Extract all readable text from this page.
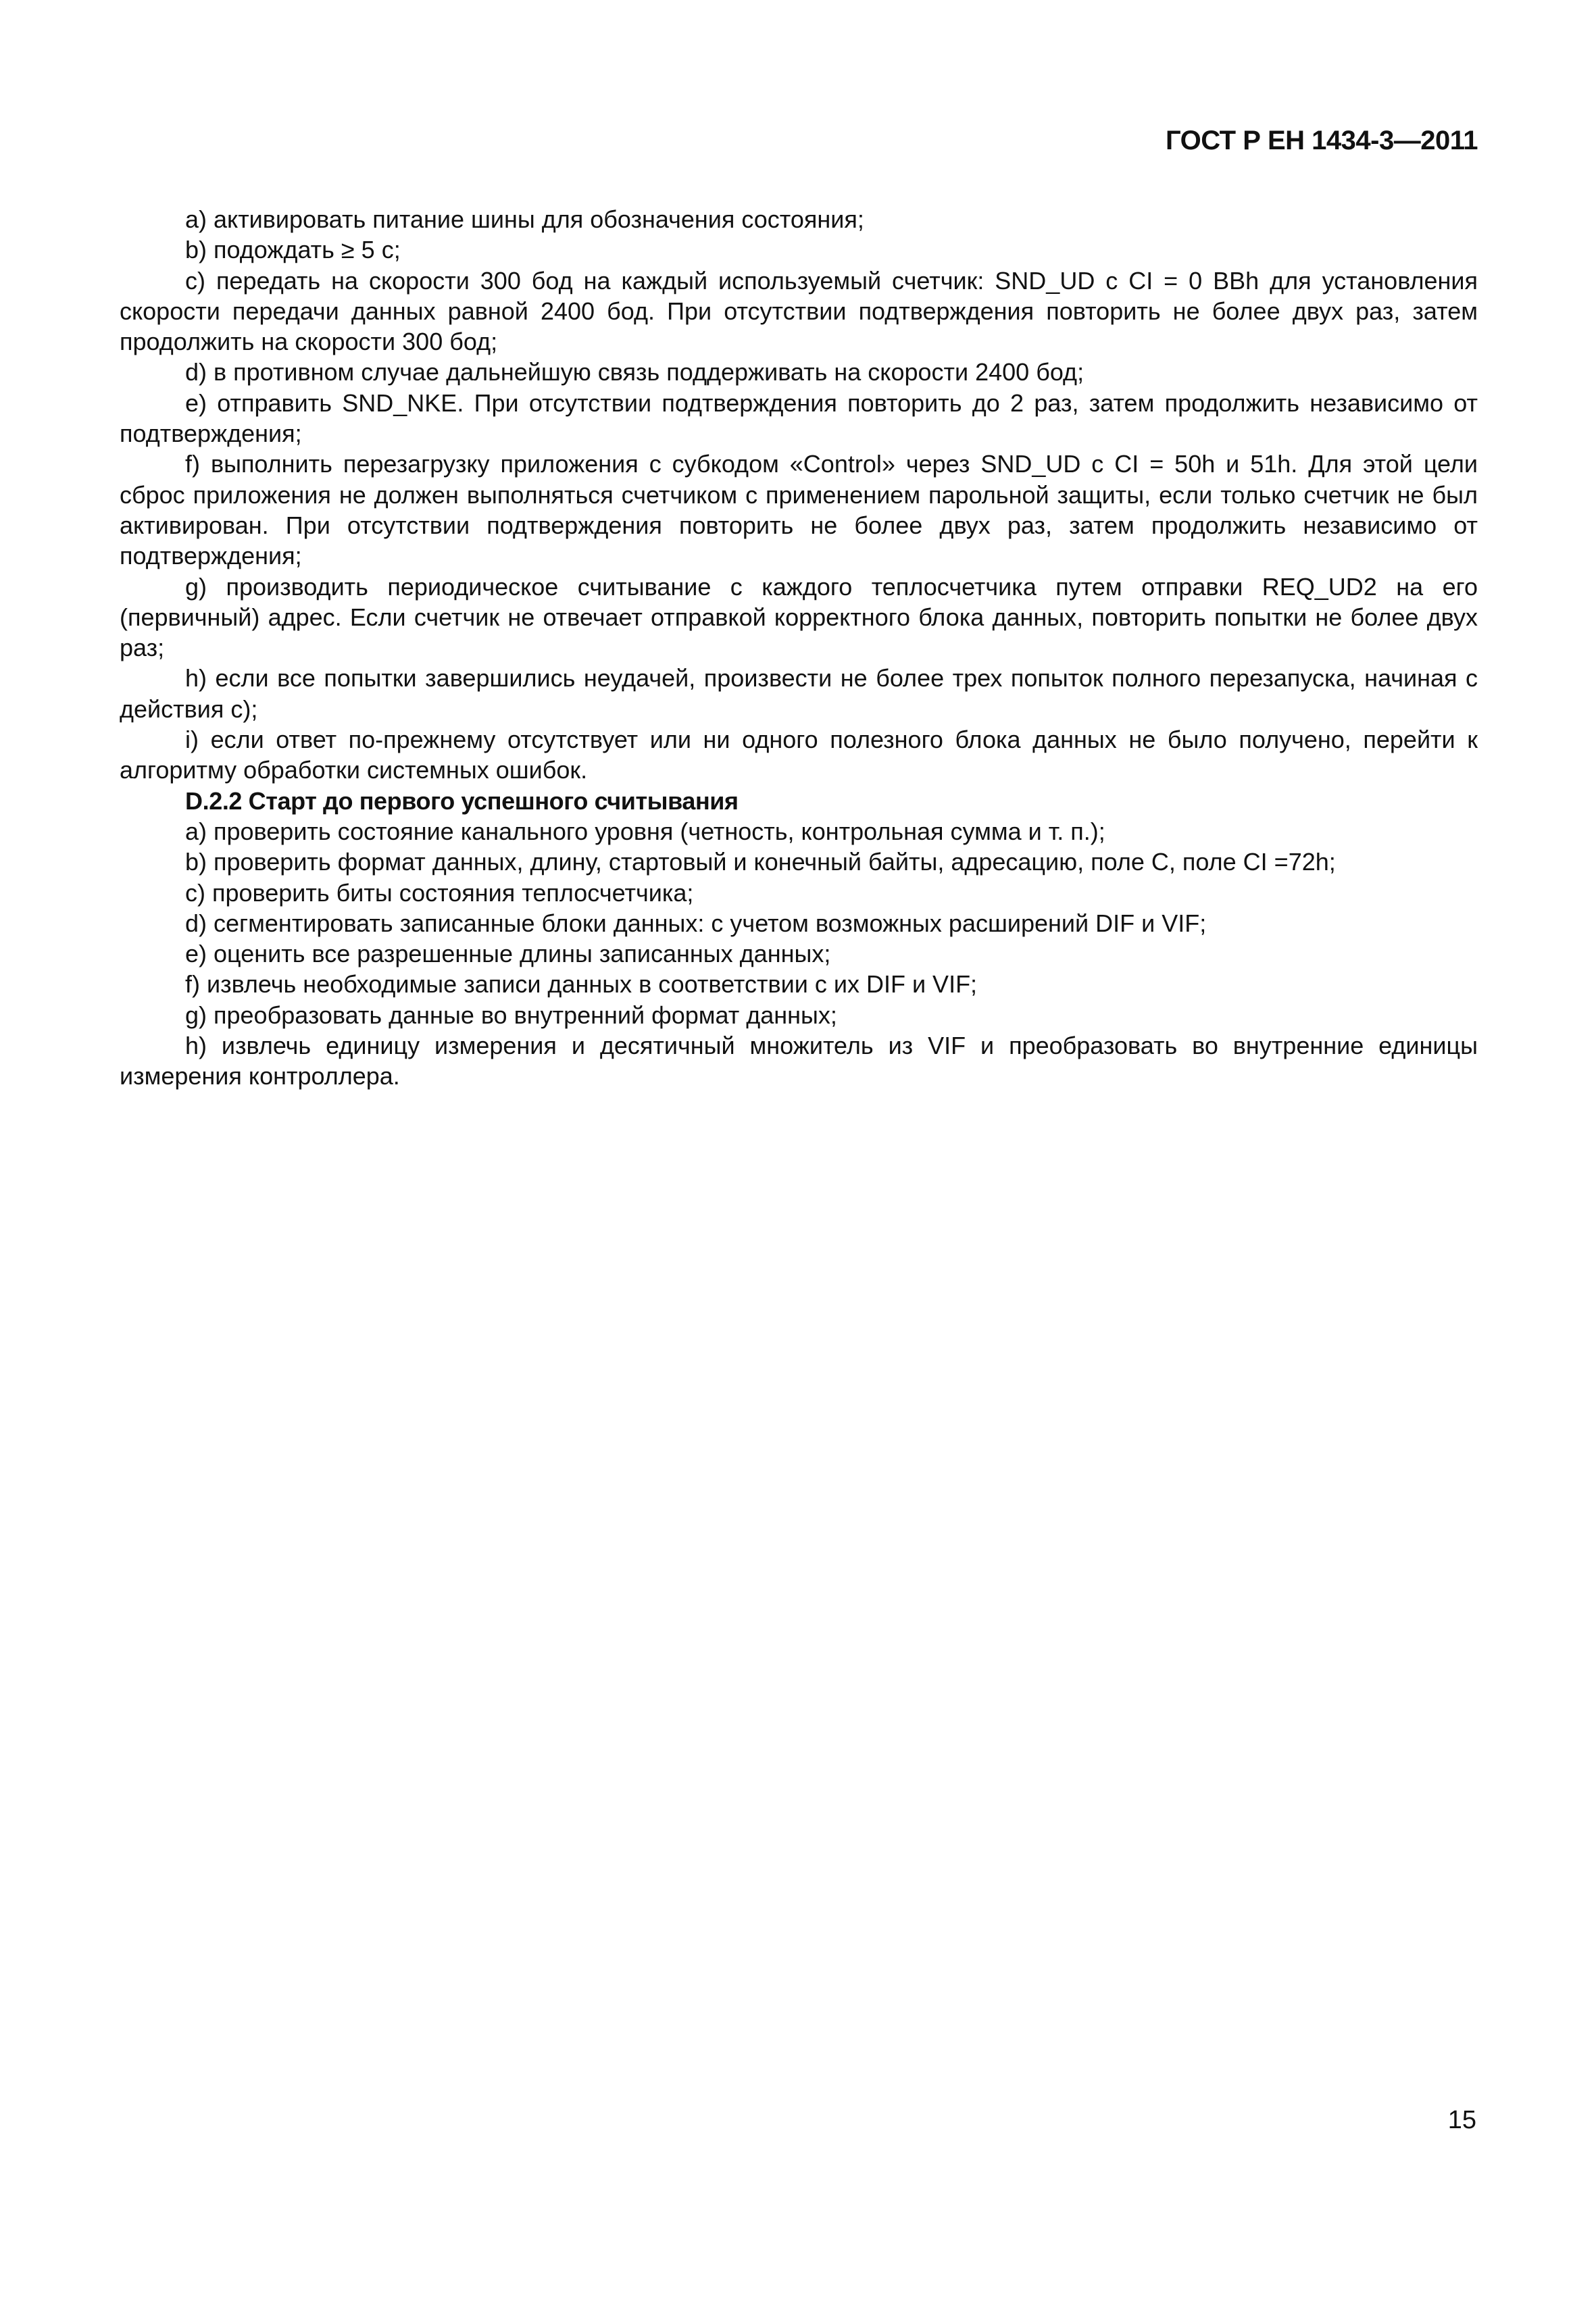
ГОСТ Р ЕН 1434-3—2011

a) активировать питание шины для обозначения состояния;

b) подождать ≥ 5 с;

c) передать на скорости 300 бод на каждый используемый счетчик: SND_UD с CI = 0 BBh для установления скорости передачи данных равной 2400 бод. При отсутствии подтверждения повторить не более двух раз, затем продолжить на скорости 300 бод;

d) в противном случае дальнейшую связь поддерживать на скорости 2400 бод;

e) отправить SND_NKE. При отсутствии подтверждения повторить до 2 раз, затем продолжить независимо от подтверждения;

f) выполнить перезагрузку приложения с субкодом «Control» через SND_UD с CI = 50h и 51h. Для этой цели сброс приложения не должен выполняться счетчиком с применением парольной защиты, если только счетчик не был активирован. При отсутствии подтверждения повторить не более двух раз, затем продолжить независимо от подтверждения;

g) производить периодическое считывание с каждого теплосчетчика путем отправки REQ_UD2 на его (первичный) адрес. Если счетчик не отвечает отправкой корректного блока данных, повторить попытки не более двух раз;

h) если все попытки завершились неудачей, произвести не более трех попыток полного перезапуска, начиная с действия c);

i) если ответ по-прежнему отсутствует или ни одного полезного блока данных не было получено, перейти к алгоритму обработки системных ошибок.

D.2.2 Старт до первого успешного считывания

a) проверить состояние канального уровня (четность, контрольная сумма и т. п.);

b) проверить формат данных, длину, стартовый и конечный байты, адресацию, поле C, поле CI =72h;

c) проверить биты состояния теплосчетчика;

d) сегментировать записанные блоки данных: с учетом возможных расширений DIF и VIF;

e) оценить все разрешенные длины записанных данных;

f) извлечь необходимые записи данных в соответствии с их DIF и VIF;

g) преобразовать данные во внутренний формат данных;

h) извлечь единицу измерения и десятичный множитель из VIF и преобразовать во внутренние единицы измерения контроллера.

15
